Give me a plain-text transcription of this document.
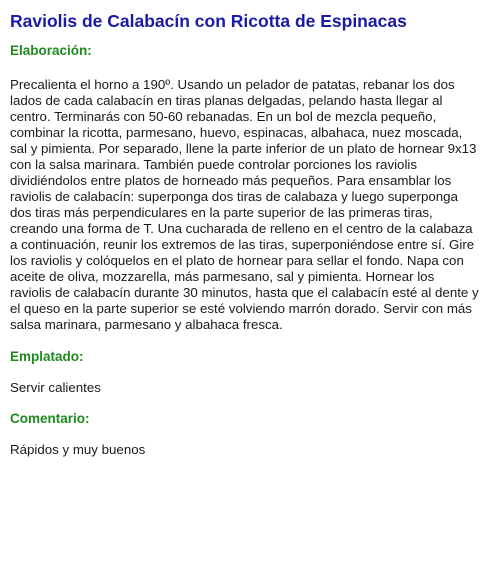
Raviolis de Calabacín con Ricotta de Espinacas
Elaboración:

Precalienta el horno a 190º. Usando un pelador de patatas, rebanar los dos lados de cada calabacín en tiras planas delgadas, pelando hasta llegar al centro. Terminarás con 50-60 rebanadas. En un bol de mezcla pequeño, combinar la ricotta, parmesano, huevo, espinacas, albahaca, nuez moscada, sal y pimienta. Por separado, llene la parte inferior de un plato de hornear 9x13 con la salsa marinara. También puede controlar porciones los raviolis dividiéndolos entre platos de horneado más pequeños. Para ensamblar los raviolis de calabacín: superponga dos tiras de calabaza y luego superponga dos tiras más perpendiculares en la parte superior de las primeras tiras, creando una forma de T. Una cucharada de relleno en el centro de la calabaza a continuación, reunir los extremos de las tiras, superponiéndose entre sí. Gire los raviolis y colóquelos en el plato de hornear para sellar el fondo. Napa con aceite de oliva, mozzarella, más parmesano, sal y pimienta. Hornear los raviolis de calabacín durante 30 minutos, hasta que el calabacín esté al dente y el queso en la parte superior se esté volviendo marrón dorado. Servir con más salsa marinara, parmesano y albahaca fresca.

Emplatado:

Servir calientes

Comentario:

Rápidos y muy buenos
